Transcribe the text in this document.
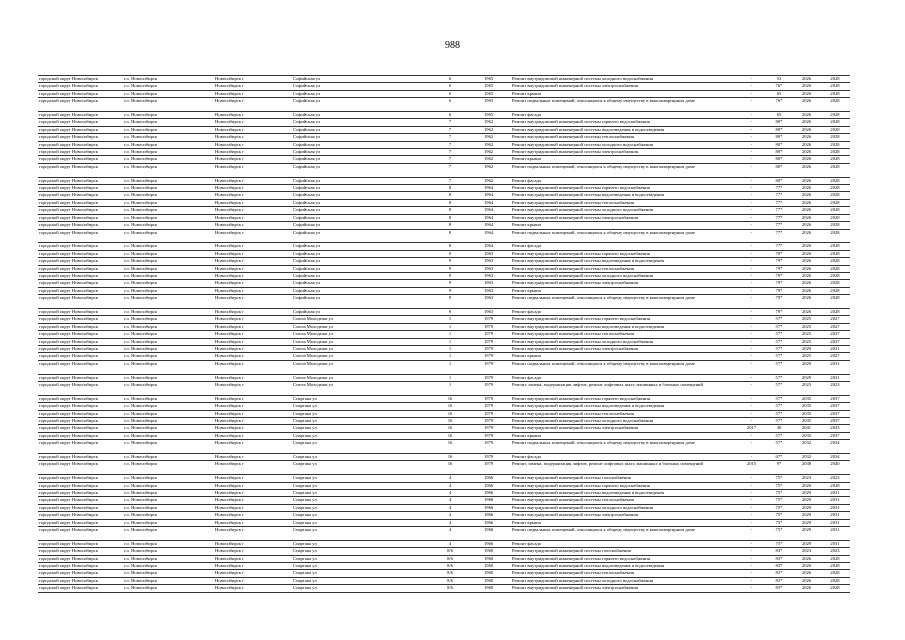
988
городской округ Новосибирск	г.о. Новосибирск	Новосибирск г	Софийская ул	6	1965	Ремонт внутридомовой инженерной системы холодного водоснабжения	-	53	2026	2028
городской округ Новосибирск	г.о. Новосибирск	Новосибирск г	Софийская ул	6	1965	Ремонт внутридомовой инженерной системы электроснабжения	-	76*	2026	2028
городской округ Новосибирск	г.о. Новосибирск	Новосибирск г	Софийская ул	6	1965	Ремонт крыши	-	65	2026	2028
городской округ Новосибирск	г.о. Новосибирск	Новосибирск г	Софийская ул	6	1965	Ремонт подвальных помещений, относящихся к общему имуществу в многоквартирном доме	-	76*	2026	2028
городской округ Новосибирск	г.о. Новосибирск	Новосибирск г	Софийская ул	6	1965	Ремонт фасада	-	65	2026	2028
городской округ Новосибирск	г.о. Новосибирск	Новосибирск г	Софийская ул	7	1962	Ремонт внутридомовой инженерной системы горячего водоснабжения	-	80*	2026	2028
городской округ Новосибирск	г.о. Новосибирск	Новосибирск г	Софийская ул	7	1962	Ремонт внутридомовой инженерной системы водоотведения и водоотведения	-	80*	2026	2028
городской округ Новосибирск	г.о. Новосибирск	Новосибирск г	Софийская ул	7	1962	Ремонт внутридомовой инженерной системы теплоснабжения	-	80*	2026	2028
городской округ Новосибирск	г.о. Новосибирск	Новосибирск г	Софийская ул	7	1962	Ремонт внутридомовой инженерной системы холодного водоснабжения	-	80*	2026	2028
городской округ Новосибирск	г.о. Новосибирск	Новосибирск г	Софийская ул	7	1962	Ремонт внутридомовой инженерной системы электроснабжения	-	80*	2026	2028
городской округ Новосибирск	г.о. Новосибирск	Новосибирск г	Софийская ул	7	1962	Ремонт крыши	-	80*	2026	2028
городской округ Новосибирск	г.о. Новосибирск	Новосибирск г	Софийская ул	7	1962	Ремонт подвальных помещений, относящихся к общему имуществу в многоквартирном доме	-	80*	2026	2028
городской округ Новосибирск	г.о. Новосибирск	Новосибирск г	Софийская ул	7	1962	Ремонт фасада	-	80*	2026	2028
городской округ Новосибирск	г.о. Новосибирск	Новосибирск г	Софийская ул	8	1964	Ремонт внутридомовой инженерной системы горячего водоснабжения	-	77*	2026	2028
городской округ Новосибирск	г.о. Новосибирск	Новосибирск г	Софийская ул	8	1964	Ремонт внутридомовой инженерной системы водоотведения и водоотведения	-	77*	2026	2028
городской округ Новосибирск	г.о. Новосибирск	Новосибирск г	Софийская ул	8	1964	Ремонт внутридомовой инженерной системы теплоснабжения	-	77*	2026	2028
городской округ Новосибирск	г.о. Новосибирск	Новосибирск г	Софийская ул	8	1964	Ремонт внутридомовой инженерной системы холодного водоснабжения	-	77*	2026	2028
городской округ Новосибирск	г.о. Новосибирск	Новосибирск г	Софийская ул	8	1964	Ремонт внутридомовой инженерной системы электроснабжения	-	77*	2026	2028
городской округ Новосибирск	г.о. Новосибирск	Новосибирск г	Софийская ул	8	1964	Ремонт крыши	-	77*	2026	2028
городской округ Новосибирск	г.о. Новосибирск	Новосибирск г	Софийская ул	8	1964	Ремонт подвальных помещений, относящихся к общему имуществу в многоквартирном доме	-	77*	2026	2028
городской округ Новосибирск	г.о. Новосибирск	Новосибирск г	Софийская ул	8	1964	Ремонт фасада	-	77*	2026	2028
городской округ Новосибирск	г.о. Новосибирск	Новосибирск г	Софийская ул	9	1963	Ремонт внутридомовой инженерной системы горячего водоснабжения	-	79*	2026	2028
городской округ Новосибирск	г.о. Новосибирск	Новосибирск г	Софийская ул	9	1963	Ремонт внутридомовой инженерной системы водоотведения и водоотведения	-	79*	2026	2028
городской округ Новосибирск	г.о. Новосибирск	Новосибирск г	Софийская ул	9	1963	Ремонт внутридомовой инженерной системы теплоснабжения	-	79*	2026	2028
городской округ Новосибирск	г.о. Новосибирск	Новосибирск г	Софийская ул	9	1963	Ремонт внутридомовой инженерной системы холодного водоснабжения	-	79*	2026	2028
городской округ Новосибирск	г.о. Новосибирск	Новосибирск г	Софийская ул	9	1963	Ремонт внутридомовой инженерной системы электроснабжения	-	79*	2026	2028
городской округ Новосибирск	г.о. Новосибирск	Новосибирск г	Софийская ул	9	1963	Ремонт крыши	-	79*	2026	2028
городской округ Новосибирск	г.о. Новосибирск	Новосибирск г	Софийская ул	9	1963	Ремонт подвальных помещений, относящихся к общему имуществу в многоквартирном доме	-	79*	2026	2028
городской округ Новосибирск	г.о. Новосибирск	Новосибирск г	Софийская ул	9	1963	Ремонт фасада	-	79*	2026	2028
городской округ Новосибирск	г.о. Новосибирск	Новосибирск г	Союза Молодежи ул	1	1979	Ремонт внутридомовой инженерной системы горячего водоснабжения	-	57*	2025	2027
городской округ Новосибирск	г.о. Новосибирск	Новосибирск г	Союза Молодежи ул	1	1979	Ремонт внутридомовой инженерной системы водоотведения и водоотведения	-	57*	2025	2027
городской округ Новосибирск	г.о. Новосибирск	Новосибирск г	Союза Молодежи ул	1	1979	Ремонт внутридомовой инженерной системы теплоснабжения	-	57*	2025	2027
городской округ Новосибирск	г.о. Новосибирск	Новосибирск г	Союза Молодежи ул	1	1979	Ремонт внутридомовой инженерной системы холодного водоснабжения	-	57*	2025	2027
городской округ Новосибирск	г.о. Новосибирск	Новосибирск г	Союза Молодежи ул	1	1979	Ремонт внутридомовой инженерной системы электроснабжения	-	57*	2029	2031
городской округ Новосибирск	г.о. Новосибирск	Новосибирск г	Союза Молодежи ул	1	1979	Ремонт крыши	-	57*	2025	2027
городской округ Новосибирск	г.о. Новосибирск	Новосибирск г	Союза Молодежи ул	1	1979	Ремонт подвальных помещений, относящихся к общему имуществу в многоквартирном доме	-	57*	2029	2031
городской округ Новосибирск	г.о. Новосибирск	Новосибирск г	Союза Молодежи ул	1	1979	Ремонт фасада	-	57*	2029	2031
городской округ Новосибирск	г.о. Новосибирск	Новосибирск г	Союза Молодежи ул	1	1979	Ремонт, замена, модернизация лифтов, ремонт лифтовых шахт, машинных и блочных помещений	-	57*	2023	2023
городской округ Новосибирск	г.о. Новосибирск	Новосибирск г	Спартака ул	16	1979	Ремонт внутридомовой инженерной системы горячего водоснабжения	-	57*	2035	2037
городской округ Новосибирск	г.о. Новосибирск	Новосибирск г	Спартака ул	16	1979	Ремонт внутридомовой инженерной системы водоотведения и водоотведения	-	57*	2035	2037
городской округ Новосибирск	г.о. Новосибирск	Новосибирск г	Спартака ул	16	1979	Ремонт внутридомовой инженерной системы теплоснабжения	-	57*	2035	2037
городской округ Новосибирск	г.о. Новосибирск	Новосибирск г	Спартака ул	16	1979	Ремонт внутридомовой инженерной системы холодного водоснабжения	-	57*	2035	2037
городской округ Новосибирск	г.о. Новосибирск	Новосибирск г	Спартака ул	16	1979	Ремонт внутридомовой инженерной системы электроснабжения	2017	30	2041	2043
городской округ Новосибирск	г.о. Новосибирск	Новосибирск г	Спартака ул	16	1979	Ремонт крыши	-	57*	2035	2037
городской округ Новосибирск	г.о. Новосибирск	Новосибирск г	Спартака ул	16	1979	Ремонт подвальных помещений, относящихся к общему имуществу в многоквартирном доме	-	57*	2032	2034
городской округ Новосибирск	г.о. Новосибирск	Новосибирск г	Спартака ул	16	1979	Ремонт фасада	-	67*	2032	2034
городской округ Новосибирск	г.о. Новосибирск	Новосибирск г	Спартака ул	16	1979	Ремонт, замена, модернизация лифтов, ремонт лифтовых шахт, машинных и блочных помещений	2015	9*	2038	2040
городской округ Новосибирск	г.о. Новосибирск	Новосибирск г	Спартака ул	4	1966	Ремонт внутридомовой инженерной системы газоснабжения	-	75*	2023	2023
городской округ Новосибирск	г.о. Новосибирск	Новосибирск г	Спартака ул	4	1966	Ремонт внутридомовой инженерной системы горячего водоснабжения	-	75*	2026	2028
городской округ Новосибирск	г.о. Новосибирск	Новосибирск г	Спартака ул	4	1966	Ремонт внутридомовой инженерной системы водоотведения и водоотведения	-	75*	2029	2031
городской округ Новосибирск	г.о. Новосибирск	Новосибирск г	Спартака ул	4	1966	Ремонт внутридомовой инженерной системы теплоснабжения	-	75*	2029	2031
городской округ Новосибирск	г.о. Новосибирск	Новосибирск г	Спартака ул	4	1966	Ремонт внутридомовой инженерной системы холодного водоснабжения	-	75*	2029	2031
городской округ Новосибирск	г.о. Новосибирск	Новосибирск г	Спартака ул	4	1966	Ремонт внутридомовой инженерной системы электроснабжения	-	75*	2029	2031
городской округ Новосибирск	г.о. Новосибирск	Новосибирск г	Спартака ул	4	1966	Ремонт крыши	-	75*	2029	2031
городской округ Новосибирск	г.о. Новосибирск	Новосибирск г	Спартака ул	4	1966	Ремонт подвальных помещений, относящихся к общему имуществу в многоквартирном доме	-	75*	2029	2031
городской округ Новосибирск	г.о. Новосибирск	Новосибирск г	Спартака ул	4	1966	Ремонт фасада	-	75*	2029	2031
городской округ Новосибирск	г.о. Новосибирск	Новосибирск г	Спартака ул	8/6	1960	Ремонт внутридомовой инженерной системы газоснабжения	-	83*	2023	2023
городской округ Новосибирск	г.о. Новосибирск	Новосибирск г	Спартака ул	8/6	1960	Ремонт внутридомовой инженерной системы горячего водоснабжения	-	83*	2026	2028
городской округ Новосибирск	г.о. Новосибирск	Новосибирск г	Спартака ул	8/6	1960	Ремонт внутридомовой инженерной системы водоотведения и водоотведения	-	83*	2026	2028
городской округ Новосибирск	г.о. Новосибирск	Новосибирск г	Спартака ул	8/6	1960	Ремонт внутридомовой инженерной системы теплоснабжения	-	83*	2026	2028
городской округ Новосибирск	г.о. Новосибирск	Новосибирск г	Спартака ул	8/6	1960	Ремонт внутридомовой инженерной системы холодного водоснабжения	-	83*	2026	2028
городской округ Новосибирск	г.о. Новосибирск	Новосибирск г	Спартака ул	8/6	1960	Ремонт внутридомовой инженерной системы электроснабжения	-	83*	2026	2028
